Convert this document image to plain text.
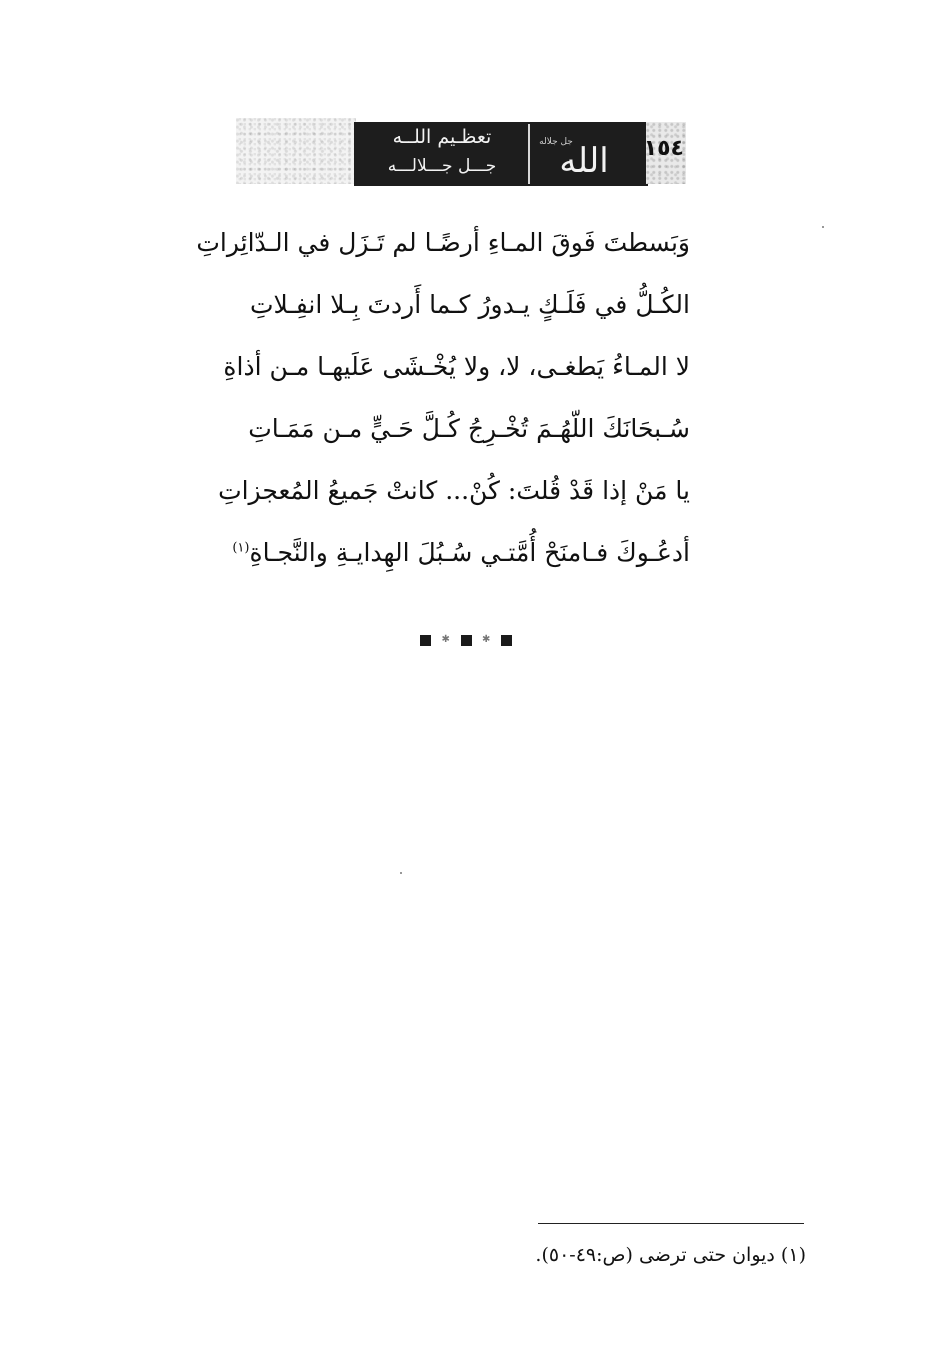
تعظـيم اللــه
جـــل جـــلالـــه	الله
جل جلاله	١٥٤
وَبَسطتَ فَوقَ المـاءِ أرضًـا لم تَـزَل في الـدّائِراتِ
الكُـلُّ في فَلَـكٍ يـدورُ كـما أَردتَ بِـلا انفِـلاتِ
لا المـاءُ يَطغـى، لا، ولا يُخْـشَى عَلَيهـا مـن أذاةِ
سُـبحَانَكَ اللّهُـمَ تُخْـرِجُ كُـلَّ حَـيٍّ مـن مَمَـاتِ
يا مَنْ إذا قَدْ قُلتَ: كُنْ... كانتْ جَميعُ المُعجزاتِ
أدعُـوكَ فـامنَحْ أُمَّتـي سُـبُلَ الهِدايـةِ والنَّجـاةِ$^{(١)}$
✱	✱
(١) ديوان حتى ترضى (ص:٤٩-٥٠).
